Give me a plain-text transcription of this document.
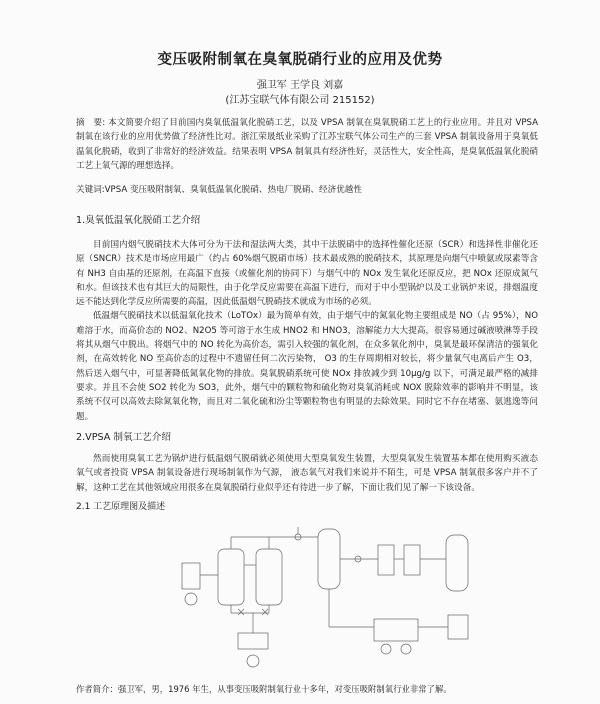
变压吸附制氧在臭氧脱硝行业的应用及优势
强卫军 王学良 刘嘉
(江苏宝联气体有限公司 215152)
摘　要: 本文简要介绍了目前国内臭氧低温氧化脱硝工艺，以及 VPSA 制氧在臭氧脱硝工艺上的行业应用。并且对 VPSA 制氧在该行业的应用优势做了经济性比对。浙江荣晟纸业采购了江苏宝联气体公司生产的三套 VPSA 制氧设备用于臭氧低温氧化脱硝，收到了非常好的经济效益。结果表明 VPSA 制氧具有经济性好，灵活性大，安全性高，是臭氧低温氧化脱硝工艺上氧气源的理想选择。
关键词:VPSA 变压吸附制氧、臭氧低温氧化脱硝、热电厂脱硝、经济优越性
1.臭氧低温氧化脱硝工艺介绍

目前国内烟气脱硝技术大体可分为干法和湿法两大类，其中干法脱硝中的选择性催化还原（SCR）和选择性非催化还原（SNCR）技术是市场应用最广（约占 60%烟气脱硝市场）技术最成熟的脱硝技术，其原理是向烟气中喷氨或尿素等含有 NH3 自由基的还原剂，在高温下直接（或催化剂的协同下）与烟气中的 NOx 发生氧化还原反应，把 NOx 还原成氮气和水。但该技术也有其巨大的局限性，由于化学反应需要在高温下进行，而对于中小型锅炉以及工业锅炉来说，排烟温度远不能达到化学反应所需要的高温，因此低温烟气脱硝技术就成为市场的必须。

低温烟气脱硝技术以低温氧化技术（LoTOx）最为简单有效，由于烟气中的氮氧化物主要组成是 NO（占 95%），NO 难溶于水，而高价态的 NO2、N2O5 等可溶于水生成 HNO2 和 HNO3，溶解能力大大提高，很容易通过碱液喷淋等手段将其从烟气中脱出。将烟气中的 NO 转化为高价态，需引入较强的氧化剂，在众多氧化剂中，臭氧是最环保清洁的强氧化剂，在高效转化 NO 至高价态的过程中不遗留任何二次污染物， O3 的生存周期相对较长，将少量氧气电离后产生 O3，然后送入烟气中，可显著降低氮氧化物的排放。臭氧脱硝系统可使 NOx 排放减少到 10μg/g 以下，可满足最严格的减排要求。并且不会使 SO2 转化为 SO3，此外，烟气中的颗粒物和硫化物对臭氧消耗或 NOX 脱除效率的影响并不明显，该系统不仅可以高效去除氮氧化物，而且对二氧化硫和汾尘等颗粒物也有明显的去除效果。同时它不存在堵塞、氨逃逸等问题。

2.VPSA 制氧工艺介绍

然而使用臭氧工艺为锅炉进行低温烟气脱硝就必须使用大型臭氧发生装置，大型臭氧发生装置基本都在使用购买液态氧气或者投资 VPSA 制氧设备进行现场制氧作为气源， 液态氧气对我们来说并不陌生，可是 VPSA 制氧很多客户并不了解，这种工艺在其他领域应用很多在臭氧脱硝行业似乎还有待进一步了解，下面让我们见了解一下该设备。

2.1 工艺原理图及描述
作者简介：强卫军，男，1976 年生，从事变压吸附制氧行业十多年，对变压吸附制氧行业非常了解。
